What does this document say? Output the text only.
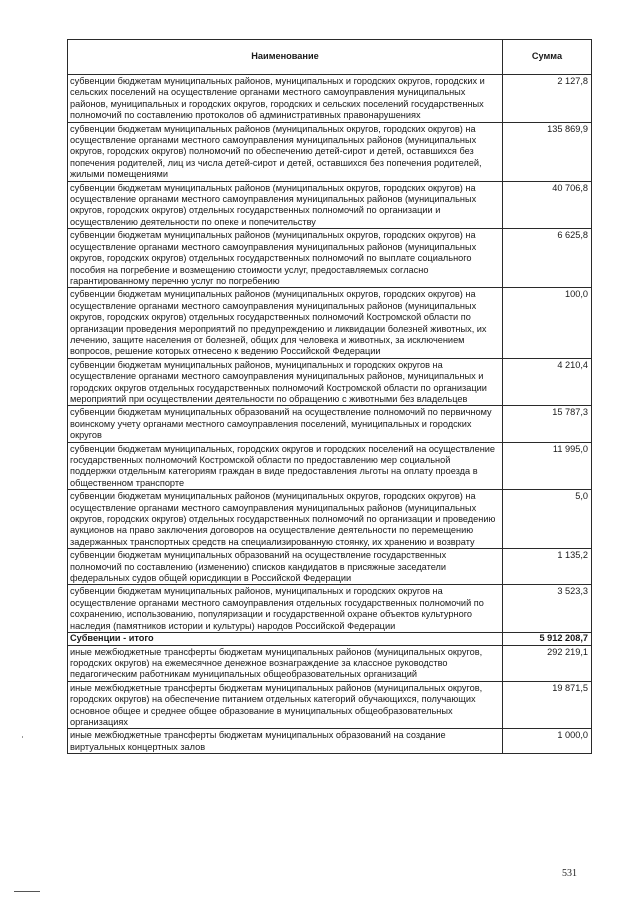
Наименование	Сумма
субвенции бюджетам муниципальных районов, муниципальных и городских округов, городских и сельских поселений на осуществление органами местного самоуправления муниципальных районов, муниципальных и городских округов, городских и сельских поселений государственных полномочий по составлению протоколов об административных правонарушениях	2 127,8
субвенции бюджетам муниципальных районов (муниципальных округов, городских округов) на осуществление органами местного самоуправления муниципальных районов (муниципальных округов, городских округов) полномочий по обеспечению детей-сирот и детей, оставшихся без попечения родителей, лиц из числа детей-сирот и детей, оставшихся без попечения родителей, жилыми помещениями	135 869,9
субвенции бюджетам муниципальных районов (муниципальных округов, городских округов) на осуществление органами местного самоуправления муниципальных районов (муниципальных округов, городских округов) отдельных государственных полномочий по организации и осуществлению деятельности по опеке и попечительству	40 706,8
субвенции бюджетам муниципальных районов (муниципальных округов, городских округов) на осуществление органами местного самоуправления муниципальных районов (муниципальных округов, городских округов) отдельных государственных полномочий по выплате социального пособия на погребение и возмещению стоимости услуг, предоставляемых согласно гарантированному перечню услуг по погребению	6 625,8
субвенции бюджетам муниципальных районов (муниципальных округов, городских округов) на осуществление органами местного самоуправления муниципальных районов (муниципальных округов, городских округов) отдельных государственных полномочий Костромской области по организации проведения мероприятий по предупреждению и ликвидации болезней животных, их лечению, защите населения от болезней, общих для человека и животных, за исключением вопросов, решение которых отнесено к ведению Российской Федерации	100,0
субвенции бюджетам муниципальных районов, муниципальных и городских округов на осуществление органами местного самоуправления муниципальных районов, муниципальных и городских округов отдельных государственных полномочий Костромской области по организации мероприятий при осуществлении деятельности по обращению с животными без владельцев	4 210,4
субвенции бюджетам муниципальных образований на осуществление полномочий по первичному воинскому учету органами местного самоуправления поселений, муниципальных и городских округов	15 787,3
субвенции бюджетам муниципальных, городских округов и городских поселений на осуществление государственных полномочий Костромской области по предоставлению мер социальной поддержки отдельным категориям граждан в виде предоставления льготы на оплату проезда в общественном транспорте	11 995,0
субвенции бюджетам муниципальных районов (муниципальных округов, городских округов) на осуществление органами местного самоуправления муниципальных районов (муниципальных округов, городских округов) отдельных государственных полномочий по организации и проведению аукционов на право заключения договоров на осуществление деятельности по перемещению задержанных транспортных средств на специализированную стоянку, их хранению и возврату	5,0
субвенции бюджетам муниципальных образований на осуществление государственных полномочий по составлению (изменению) списков кандидатов в присяжные заседатели федеральных судов общей юрисдикции в Российской Федерации	1 135,2
субвенции бюджетам муниципальных районов, муниципальных и городских округов на осуществление органами местного самоуправления отдельных государственных полномочий по сохранению, использованию, популяризации и государственной охране объектов культурного наследия (памятников истории и культуры) народов Российской Федерации	3 523,3
Субвенции - итого	5 912 208,7
иные межбюджетные трансферты бюджетам муниципальных районов (муниципальных округов, городских округов) на ежемесячное денежное вознаграждение за классное руководство педагогическим работникам муниципальных общеобразовательных организаций	292 219,1
иные межбюджетные трансферты бюджетам муниципальных районов (муниципальных округов, городских округов) на обеспечение питанием отдельных категорий обучающихся, получающих основное общее и среднее общее образование в муниципальных общеобразовательных организациях	19 871,5
иные межбюджетные трансферты бюджетам муниципальных образований на создание виртуальных концертных залов	1 000,0
531
